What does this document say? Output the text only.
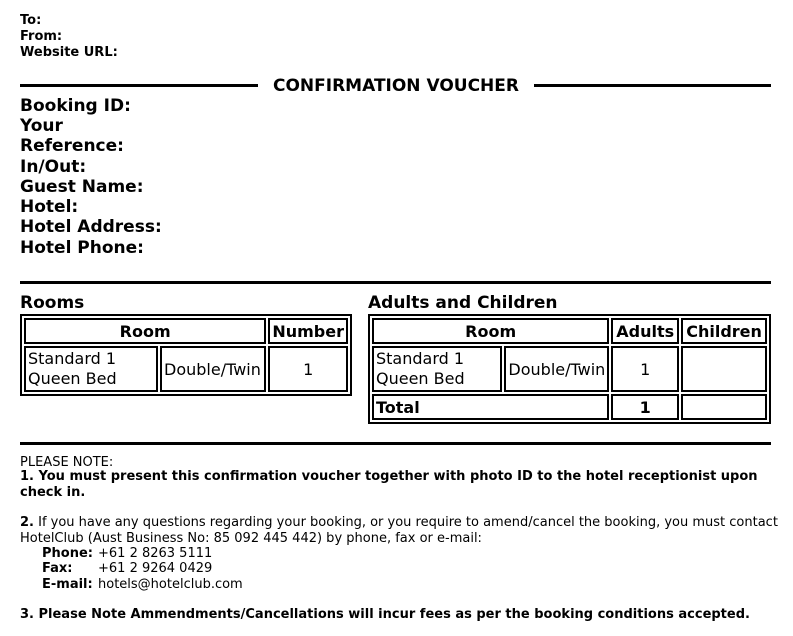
To:
From:
Website URL:
CONFIRMATION VOUCHER
Booking ID:
Your
Reference:
In/Out:
Guest Name:
Hotel:
Hotel Address:
Hotel Phone:
Rooms
Room		Number
Standard 1 Queen Bed	Double/Twin	1
Adults and Children
Room		Adults	Children
Standard 1 Queen Bed	Double/Twin	1	
Total		1	
PLEASE NOTE:
1. You must present this confirmation voucher together with photo ID to the hotel receptionist upon check in.
2. If you have any questions regarding your booking, or you require to amend/cancel the booking, you must contact HotelClub (Aust Business No: 85 092 445 442) by phone, fax or e-mail:
Phone: +61 2 8263 5111
Fax: +61 2 9264 0429
E-mail: hotels@hotelclub.com
3. Please Note Ammendments/Cancellations will incur fees as per the booking conditions accepted.
